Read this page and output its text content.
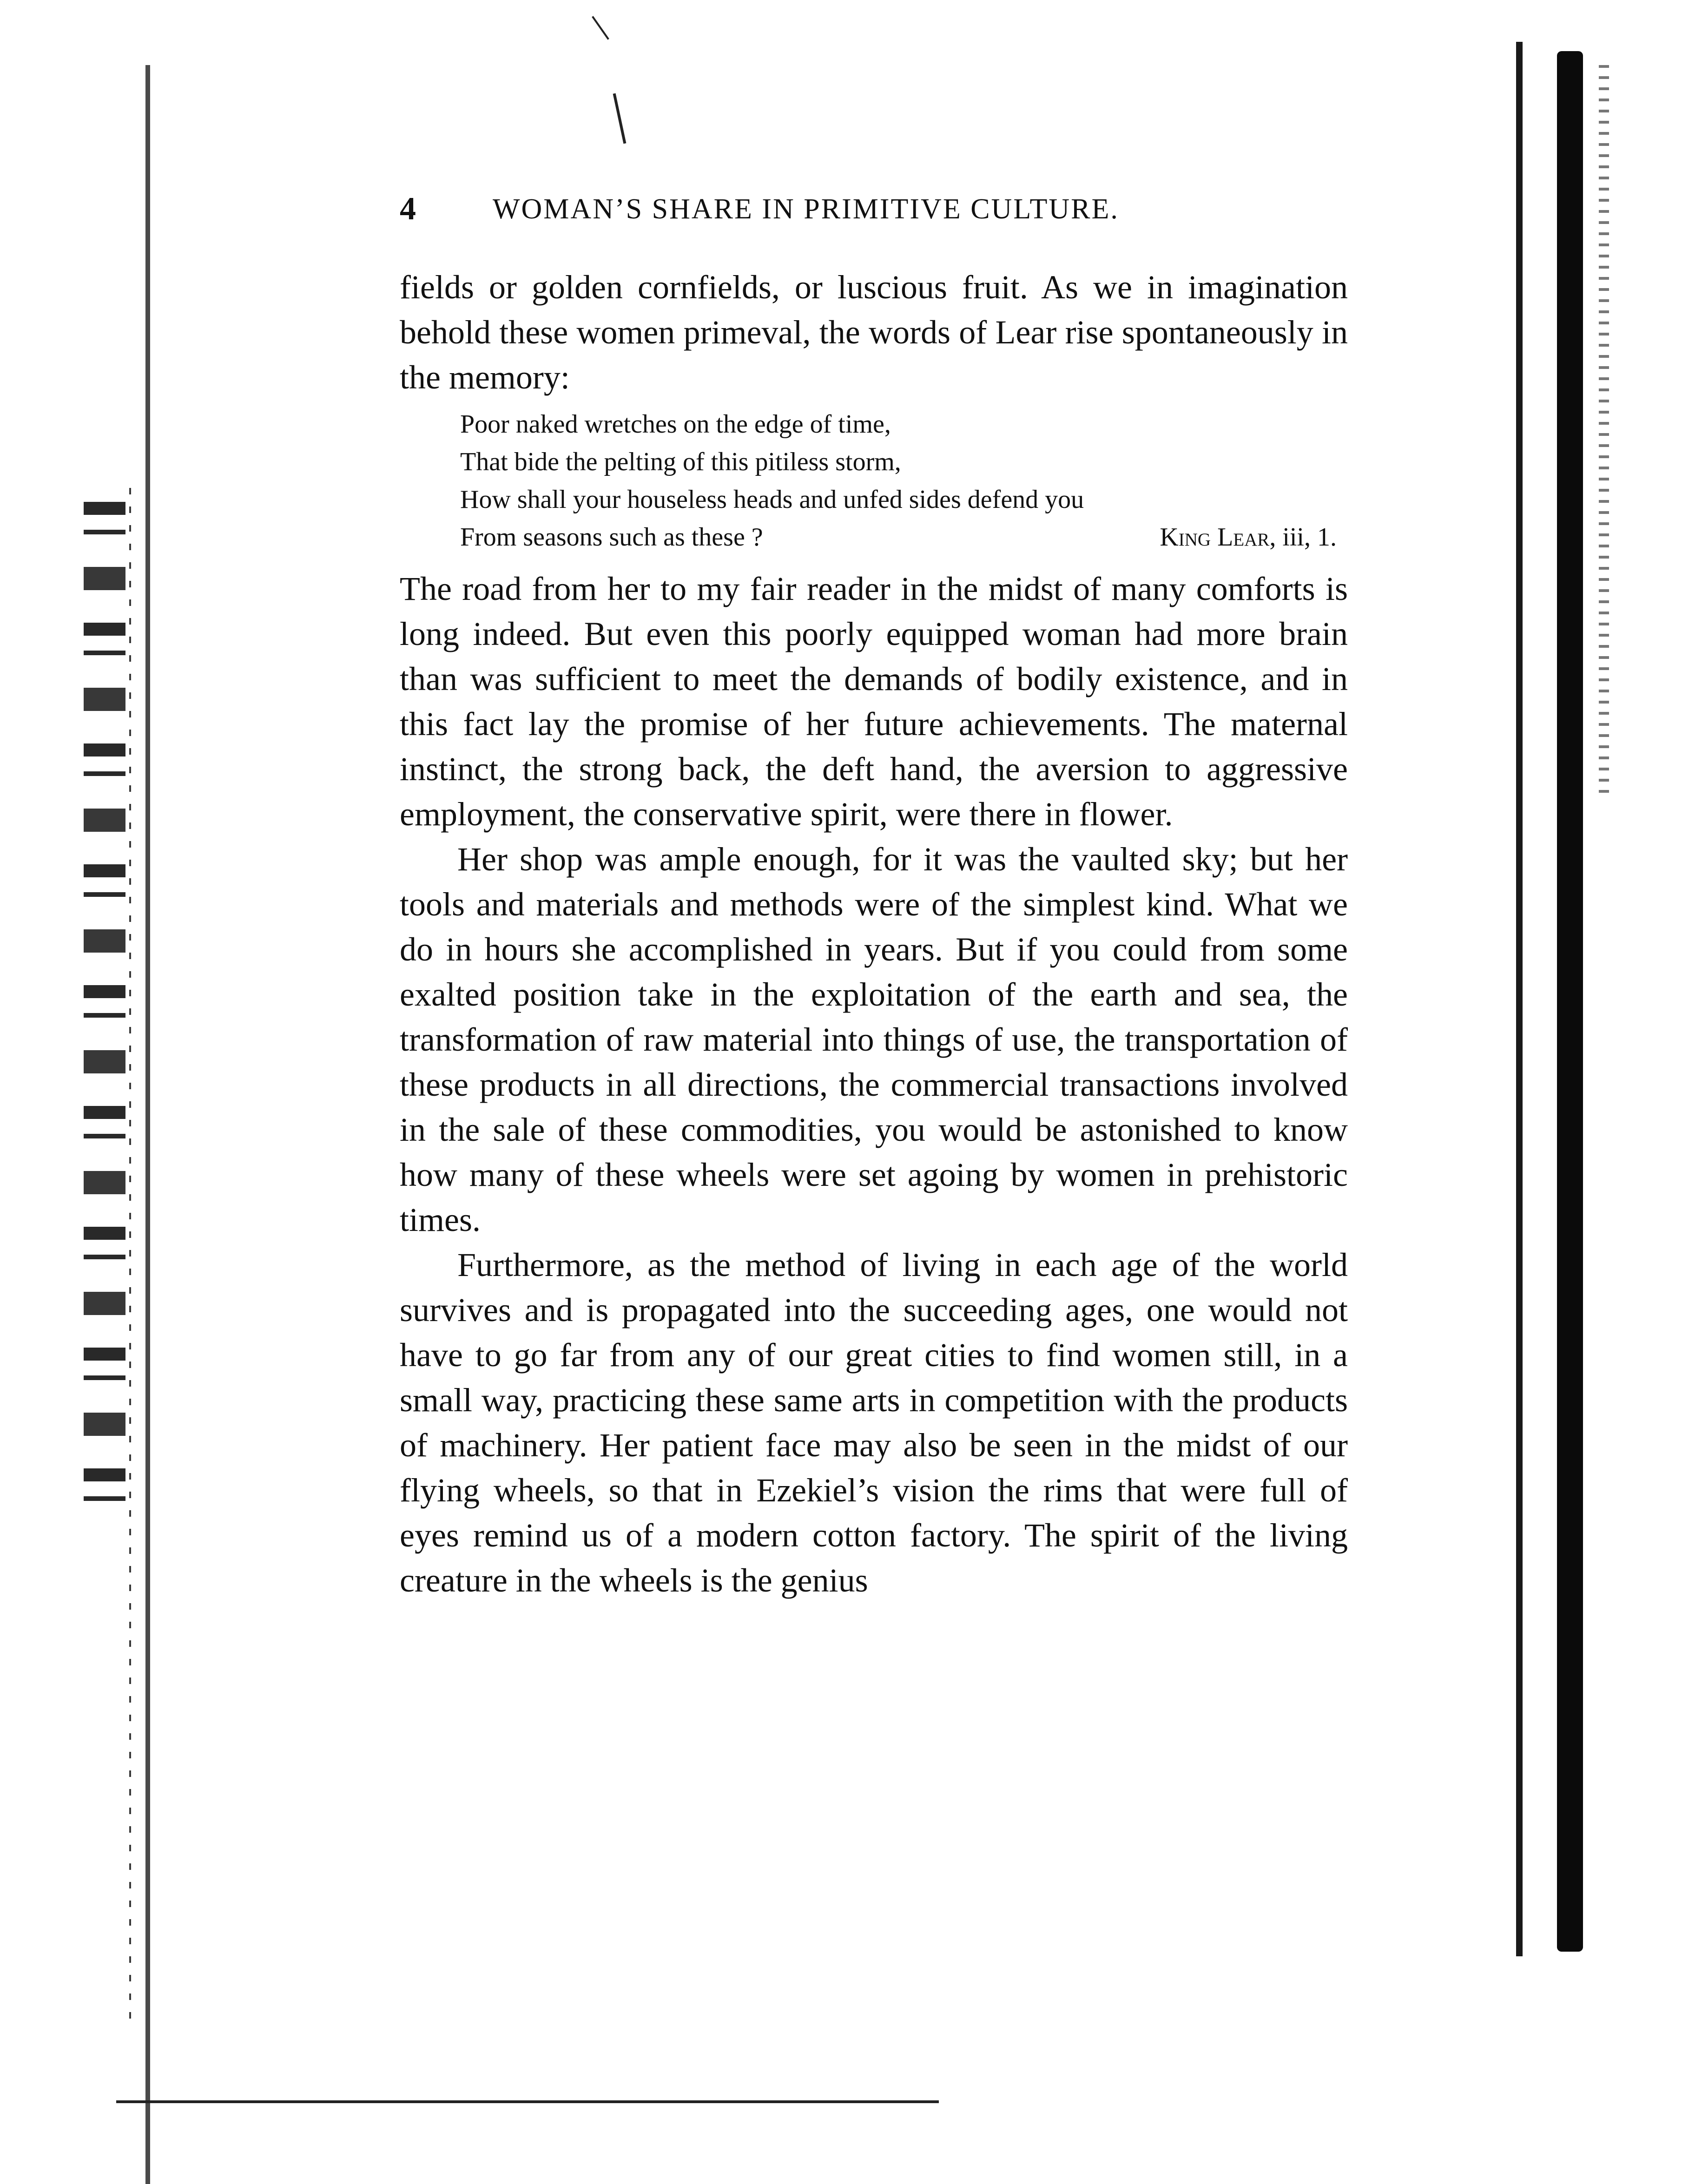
4	WOMAN’S SHARE IN PRIMITIVE CULTURE.

fields or golden cornfields, or luscious fruit. As we in imagination behold these women primeval, the words of Lear rise spontaneously in the memory:

Poor naked wretches on the edge of time,
That bide the pelting of this pitiless storm,
How shall your houseless heads and unfed sides defend you
From seasons such as these ?	King Lear, iii, 1.

The road from her to my fair reader in the midst of many comforts is long indeed. But even this poorly equipped woman had more brain than was sufficient to meet the demands of bodily existence, and in this fact lay the promise of her future achievements. The maternal instinct, the strong back, the deft hand, the aversion to aggressive employment, the conservative spirit, were there in flower.

Her shop was ample enough, for it was the vaulted sky; but her tools and materials and methods were of the simplest kind. What we do in hours she accomplished in years. But if you could from some exalted position take in the exploitation of the earth and sea, the transformation of raw material into things of use, the transportation of these products in all directions, the commercial transactions involved in the sale of these commodities, you would be astonished to know how many of these wheels were set agoing by women in prehistoric times.

Furthermore, as the method of living in each age of the world survives and is propagated into the succeeding ages, one would not have to go far from any of our great cities to find women still, in a small way, practicing these same arts in competition with the products of machinery. Her patient face may also be seen in the midst of our flying wheels, so that in Ezekiel’s vision the rims that were full of eyes remind us of a modern cotton factory. The spirit of the living creature in the wheels is the genius
